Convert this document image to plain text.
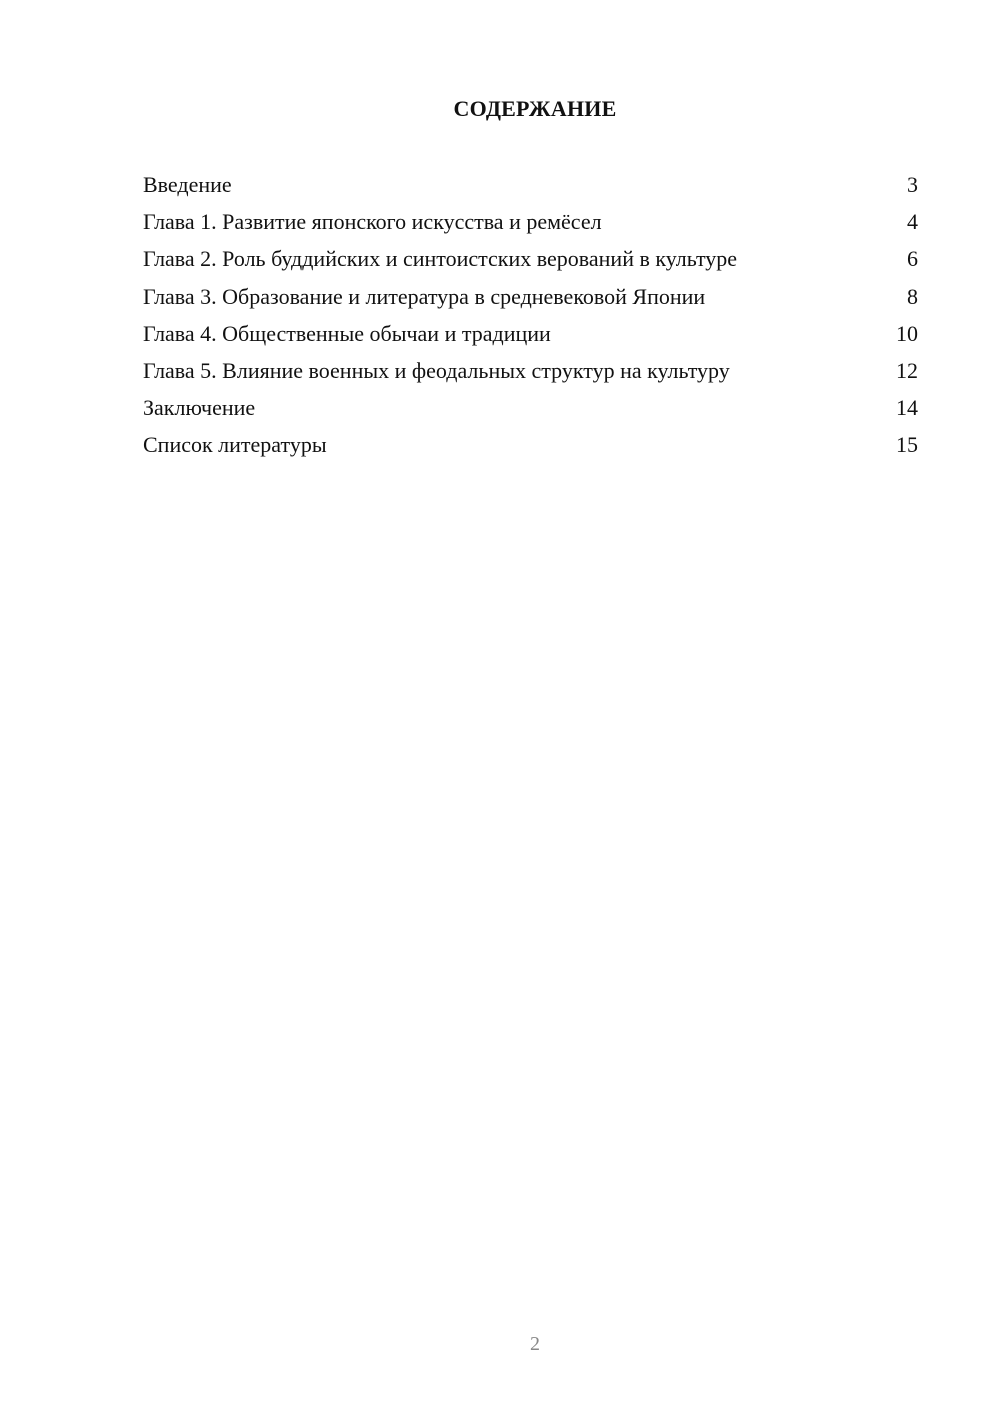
СОДЕРЖАНИЕ
Введение	3
Глава 1. Развитие японского искусства и ремёсел	4
Глава 2. Роль буддийских и синтоистских верований в культуре	6
Глава 3. Образование и литература в средневековой Японии	8
Глава 4. Общественные обычаи и традиции	10
Глава 5. Влияние военных и феодальных структур на культуру	12
Заключение	14
Список литературы	15
2
